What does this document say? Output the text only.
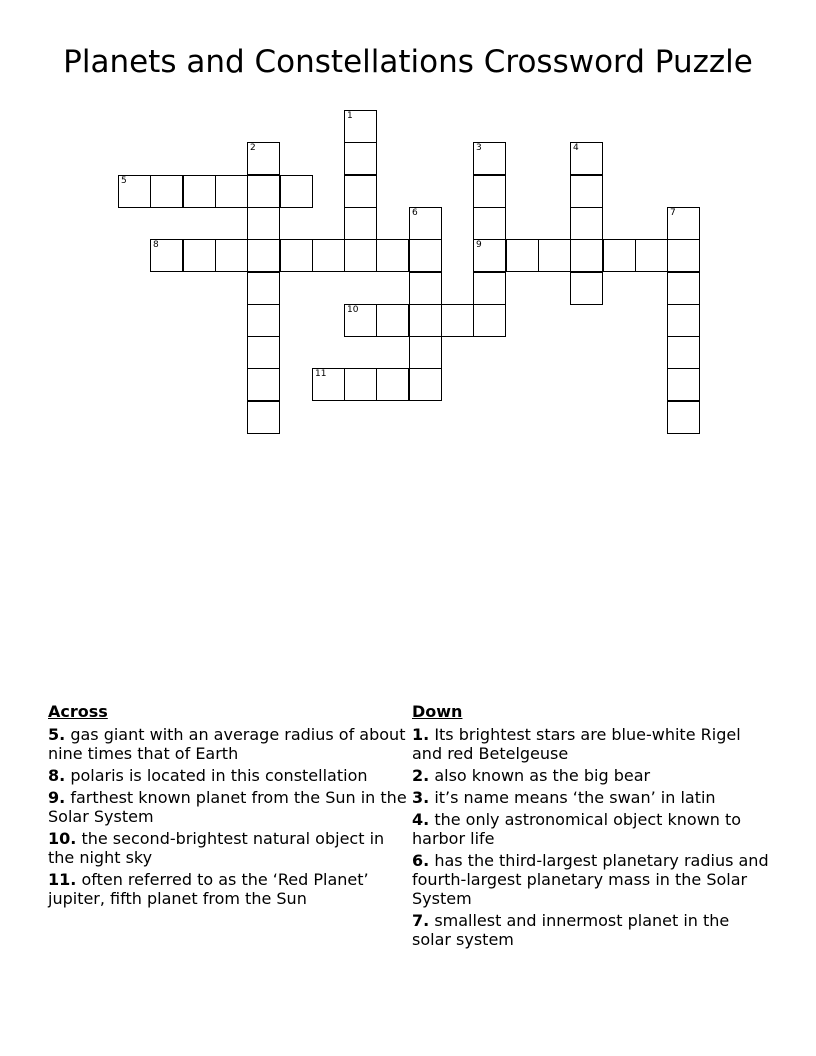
Planets and Constellations Crossword Puzzle
1
2	3
9
4
5
6	7
8
10
11
Across
5. gas giant with an average radius of about nine times that of Earth
8. polaris is located in this constellation
9. farthest known planet from the Sun in the Solar System
10. the second-brightest natural object in the night sky
11. often referred to as the ‘Red Planet’ jupiter, fifth planet from the Sun
Down
1. Its brightest stars are blue-white Rigel and red Betelgeuse
2. also known as the big bear
3. it’s name means ‘the swan’ in latin
4. the only astronomical object known to harbor life
6. has the third-largest planetary radius and fourth-largest planetary mass in the Solar System
7. smallest and innermost planet in the solar system
